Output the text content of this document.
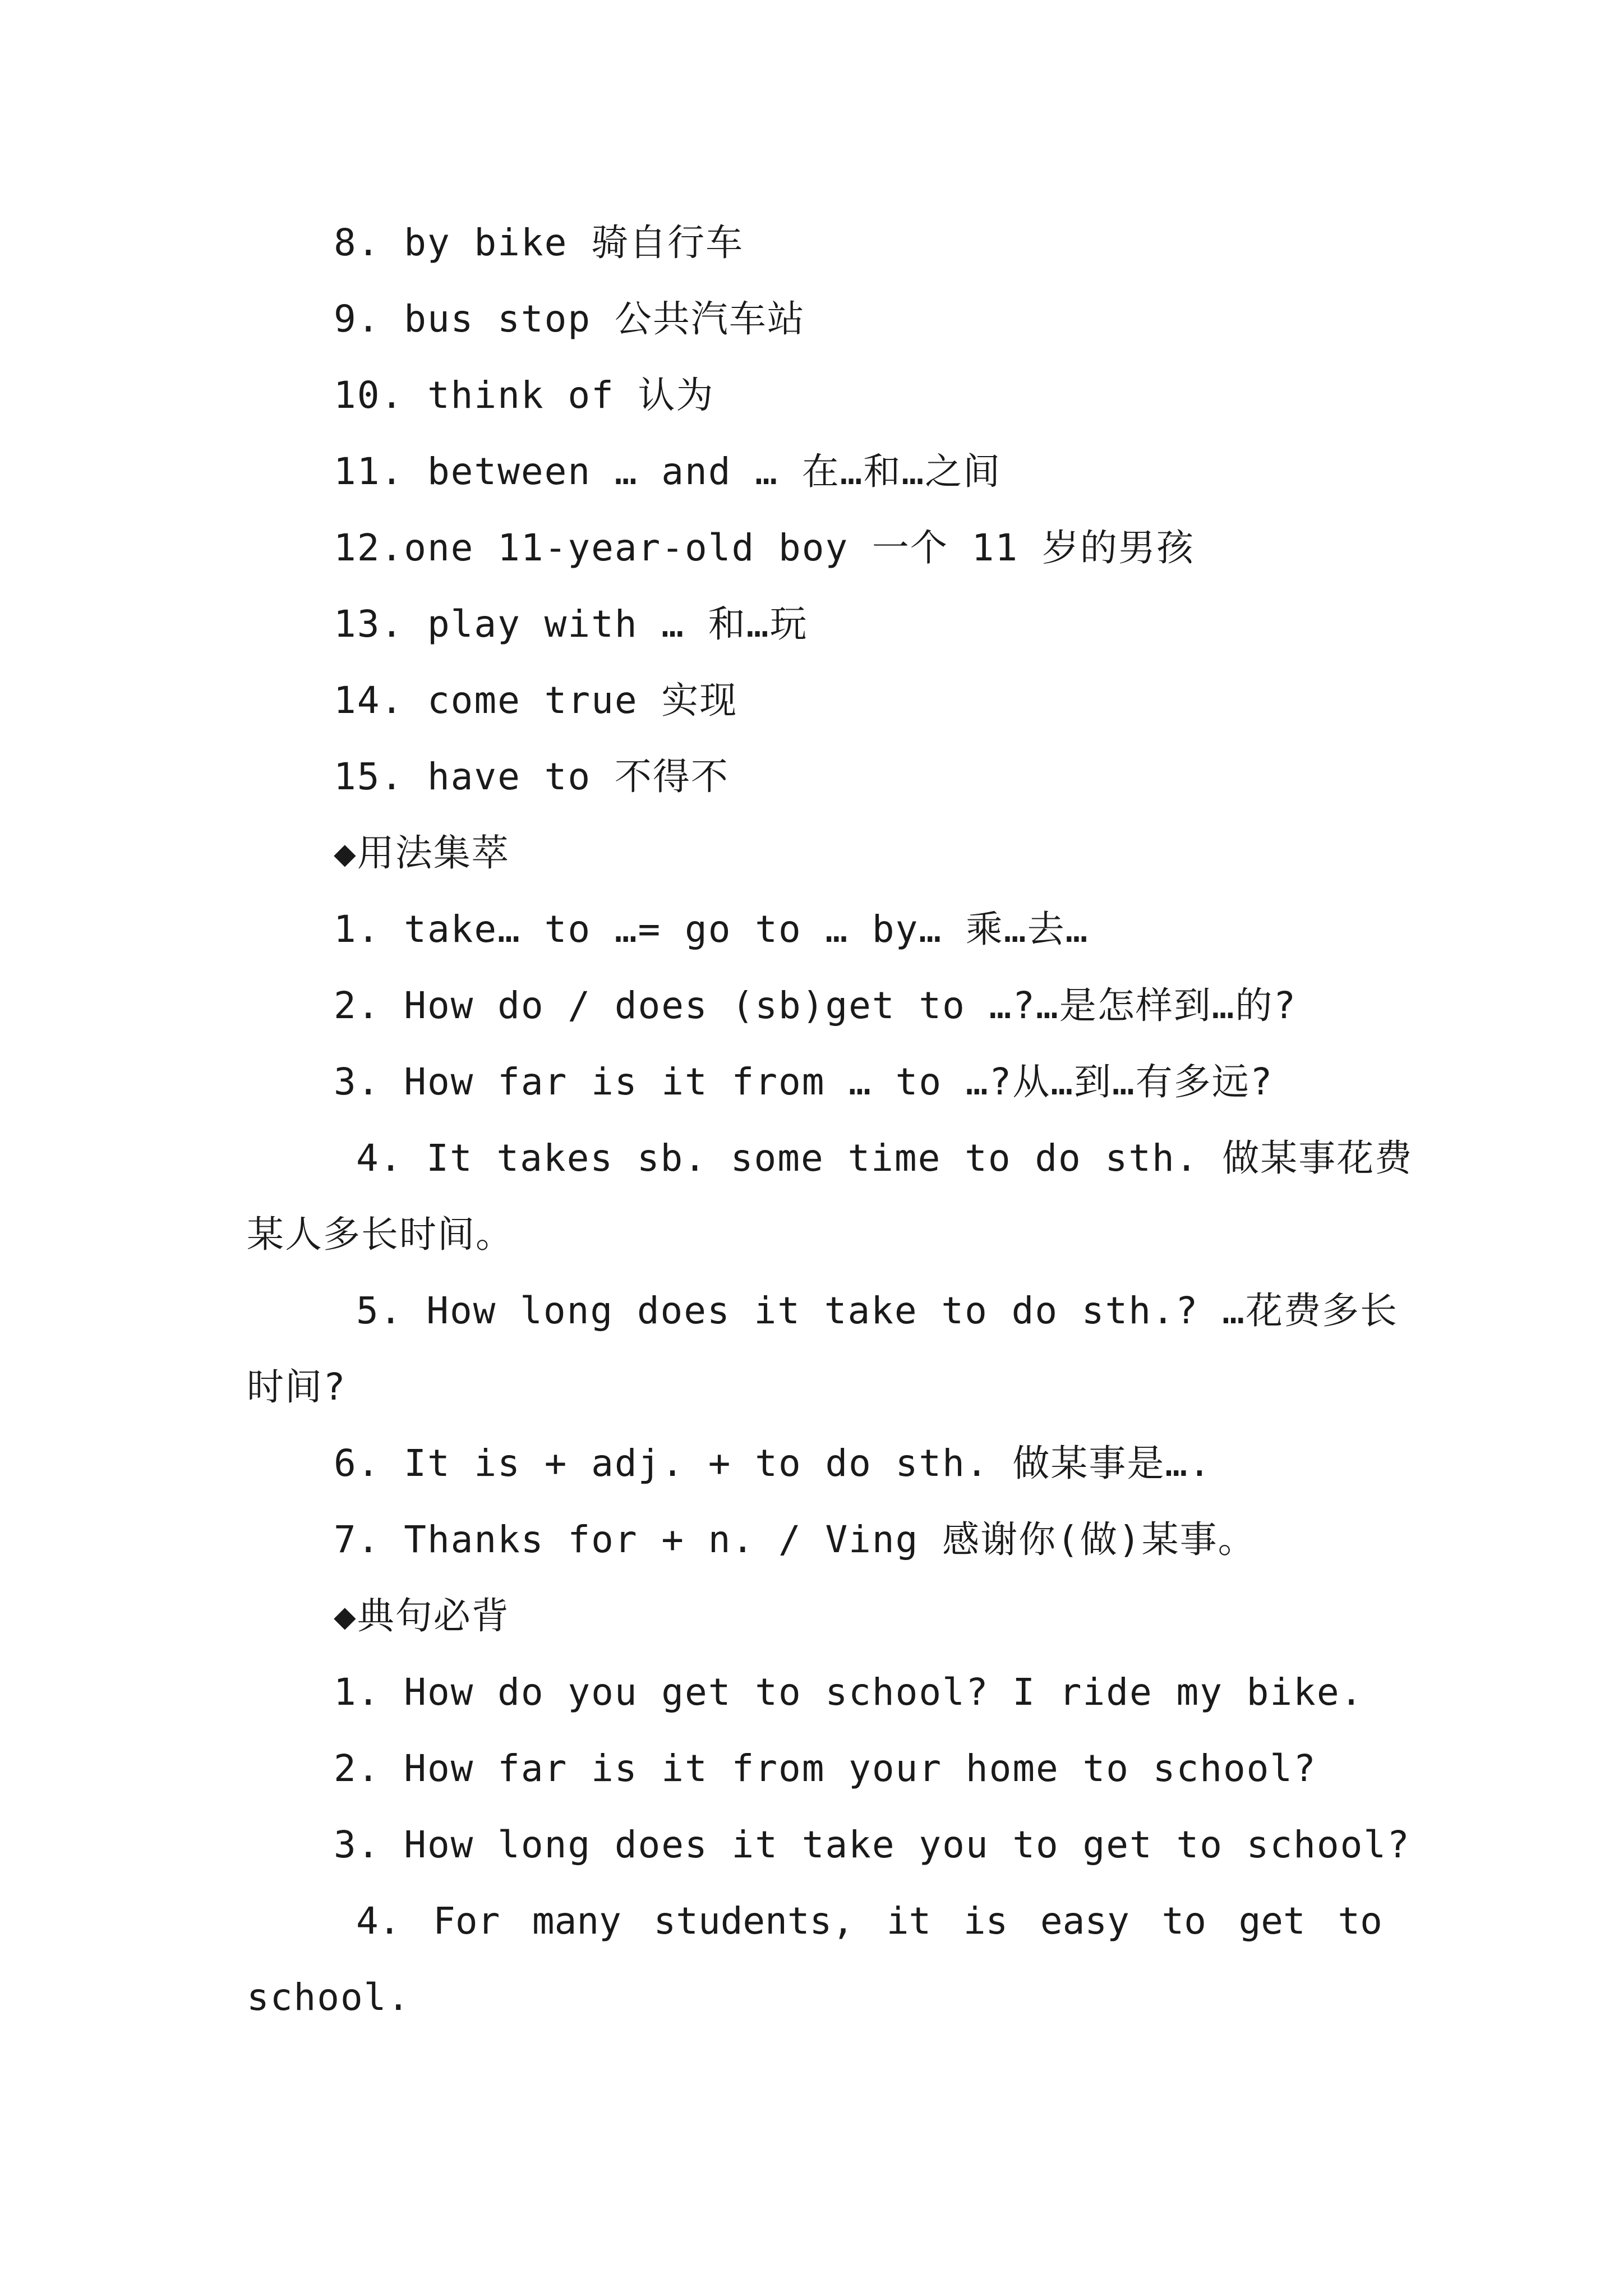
8. by bike 骑自行车
9. bus stop 公共汽车站
10. think of 认为
11. between … and … 在…和…之间
12.one 11-year-old boy 一个 11 岁的男孩
13. play with … 和…玩
14. come true 实现
15. have to 不得不
◆用法集萃
1. take… to …= go to … by… 乘…去…
2. How do / does (sb)get to …?…是怎样到…的?
3. How far is it from … to …?从…到…有多远?
4. It takes sb. some time to do sth. 做某事花费
某人多长时间。
5. How long does it take to do sth.? …花费多长
时间?
6. It is + adj. + to do sth. 做某事是….
7. Thanks for + n. / Ving 感谢你(做)某事。
◆典句必背
1. How do you get to school? I ride my bike.
2. How far is it from your home to school?
3. How long does it take you to get to school?
4. For many students, it is easy to get to
school.
